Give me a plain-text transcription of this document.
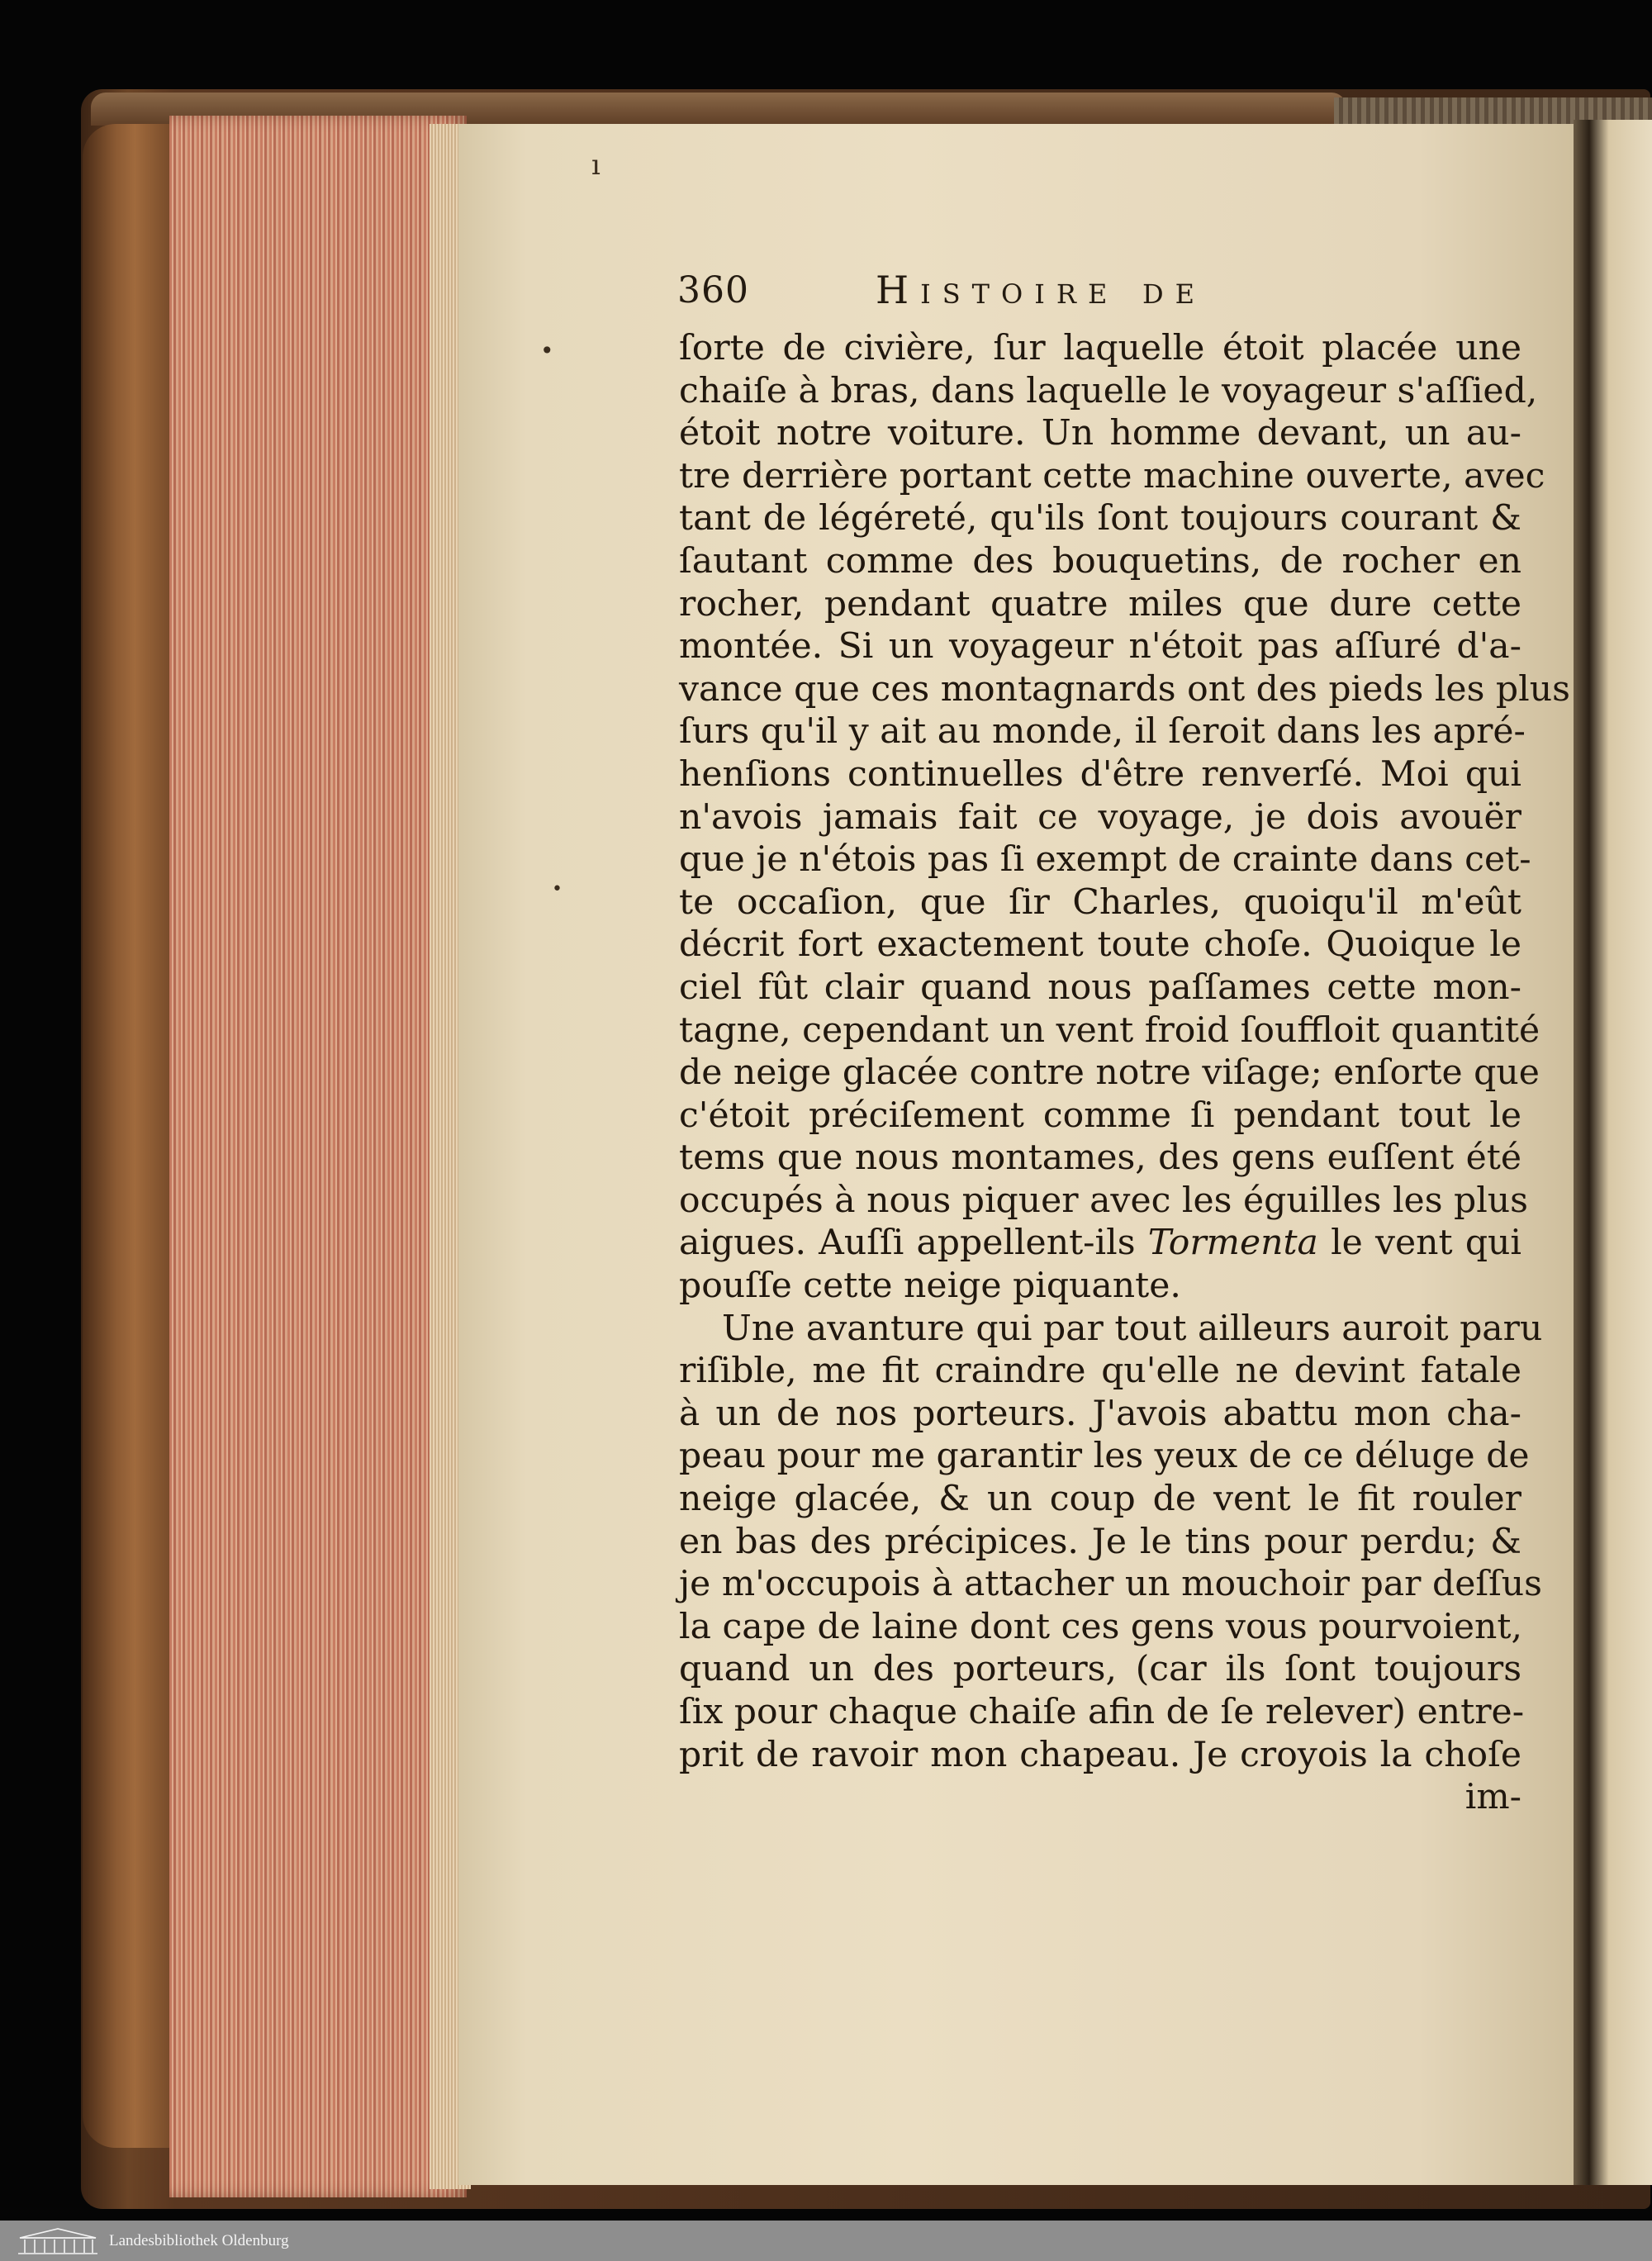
ı
•
•
360	Histoire de
ſorte de civière, ſur laquelle étoit placée une
chaiſe à bras, dans laquelle le voyageur s'aſſied,
étoit notre voiture. Un homme devant, un au-
tre derrière portant cette machine ouverte, avec
tant de légéreté, qu'ils ſont toujours courant &
ſautant comme des bouquetins, de rocher en
rocher, pendant quatre miles que dure cette
montée. Si un voyageur n'étoit pas aſſuré d'a-
vance que ces montagnards ont des pieds les plus
ſurs qu'il y ait au monde, il ſeroit dans les apré-
henſions continuelles d'être renverſé. Moi qui
n'avois jamais fait ce voyage, je dois avouër
que je n'étois pas ſi exempt de crainte dans cet-
te occaſion, que ſir Charles, quoiqu'il m'eût
décrit fort exactement toute choſe. Quoique le
ciel fût clair quand nous paſſames cette mon-
tagne, cependant un vent froid ſouffloit quantité
de neige glacée contre notre viſage; enſorte que
c'étoit préciſement comme ſi pendant tout le
tems que nous montames, des gens euſſent été
occupés à nous piquer avec les éguilles les plus
aigues. Auſſi appellent-ils Tormenta le vent qui
pouſſe cette neige piquante.
Une avanture qui par tout ailleurs auroit paru
riſible, me fit craindre qu'elle ne devint fatale
à un de nos porteurs. J'avois abattu mon cha-
peau pour me garantir les yeux de ce déluge de
neige glacée, & un coup de vent le fit rouler
en bas des précipices. Je le tins pour perdu; &
je m'occupois à attacher un mouchoir par deſſus
la cape de laine dont ces gens vous pourvoient,
quand un des porteurs, (car ils ſont toujours
ſix pour chaque chaiſe afin de ſe relever) entre-
prit de ravoir mon chapeau. Je croyois la choſe
im-
Landesbibliothek Oldenburg
